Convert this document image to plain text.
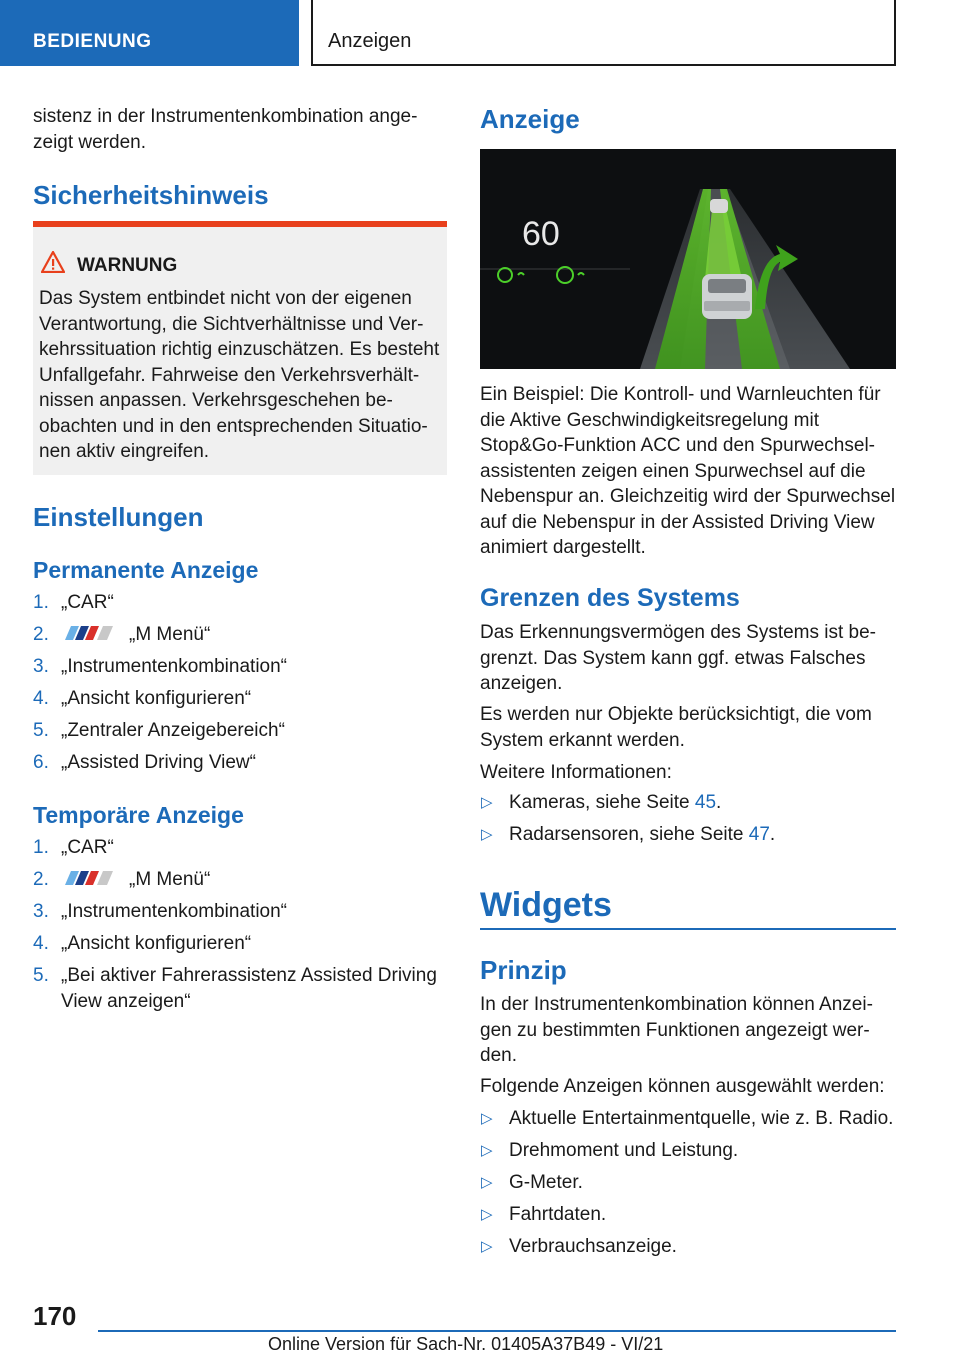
BEDIENUNG	Anzeigen

sistenz in der Instrumentenkombination ange-
zeigt werden.

Sicherheitshinweis
WARNUNG
Das System entbindet nicht von der eigenen Verantwortung, die Sichtverhältnisse und Ver-kehrssituation richtig einzuschätzen. Es besteht Unfallgefahr. Fahrweise den Verkehrsverhält-nissen anpassen. Verkehrsgeschehen be-obachten und in den entsprechenden Situatio-nen aktiv eingreifen.
Einstellungen
Permanente Anzeige
1. „CAR“
2.	„M Menü“
3. „Instrumentenkombination“
4. „Ansicht konfigurieren“
5. „Zentraler Anzeigebereich“
6. „Assisted Driving View“
Temporäre Anzeige
1. „CAR“
2.	„M Menü“
3. „Instrumentenkombination“
4. „Ansicht konfigurieren“
5. „Bei aktiver Fahrerassistenz Assisted Driving View anzeigen“
Anzeige
60

Ein Beispiel: Die Kontroll- und Warnleuchten für die Aktive Geschwindigkeitsregelung mit Stop&Go-Funktion ACC und den Spurwechsel-assistenten zeigen einen Spurwechsel auf die Nebenspur an. Gleichzeitig wird der Spurwechsel auf die Nebenspur in der Assisted Driving View animiert dargestellt.

Grenzen des Systems

Das Erkennungsvermögen des Systems ist be-grenzt. Das System kann ggf. etwas Falsches anzeigen.

Es werden nur Objekte berücksichtigt, die vom System erkannt werden.

Weitere Informationen:

▷ Kameras, siehe Seite 45.
▷ Radarsensoren, siehe Seite 47.
Widgets
Prinzip

In der Instrumentenkombination können Anzei-gen zu bestimmten Funktionen angezeigt wer-den.

Folgende Anzeigen können ausgewählt werden:

▷ Aktuelle Entertainmentquelle, wie z. B. Radio.
▷ Drehmoment und Leistung.
▷ G-Meter.
▷ Fahrtdaten.
▷ Verbrauchsanzeige.
170
Online Version für Sach-Nr. 01405A37B49 - VI/21
